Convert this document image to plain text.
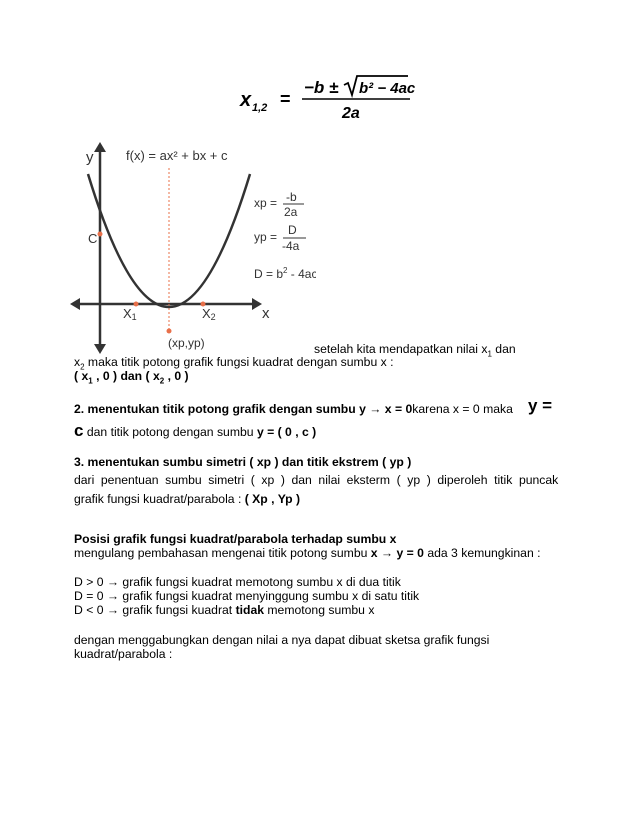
x 1,2 =
−b ± b² − 4ac
2a
y
x
f(x) = ax² + bx + c
C
X1	X2
(xp,yp)
xp = -b
2a
yp = D
-4a
$D = b^2 - 4ac$
setelah kita mendapatkan nilai $x_1$ dan
$x_2$ maka titik potong grafik fungsi kuadrat dengan sumbu x :
( $x_1$ , 0 ) dan ( $x_2$ , 0 )
2. menentukan titik potong grafik dengan sumbu y → x = 0karena x = 0 maka y =
c dan titik potong dengan sumbu y = ( 0 , c )
3. menentukan sumbu simetri ( xp ) dan titik ekstrem ( yp )
dari penentuan sumbu simetri ( xp ) dan nilai eksterm ( yp ) diperoleh titik puncak
grafik fungsi kuadrat/parabola : ( Xp , Yp )
Posisi grafik fungsi kuadrat/parabola terhadap sumbu x
mengulang pembahasan mengenai titik potong sumbu x → y = 0 ada 3 kemungkinan :
D > 0 → grafik fungsi kuadrat memotong sumbu x di dua titik
D = 0 → grafik fungsi kuadrat menyinggung sumbu x di satu titik
D < 0 → grafik fungsi kuadrat tidak memotong sumbu x
dengan menggabungkan dengan nilai a nya dapat dibuat sketsa grafik fungsi
kuadrat/parabola :
